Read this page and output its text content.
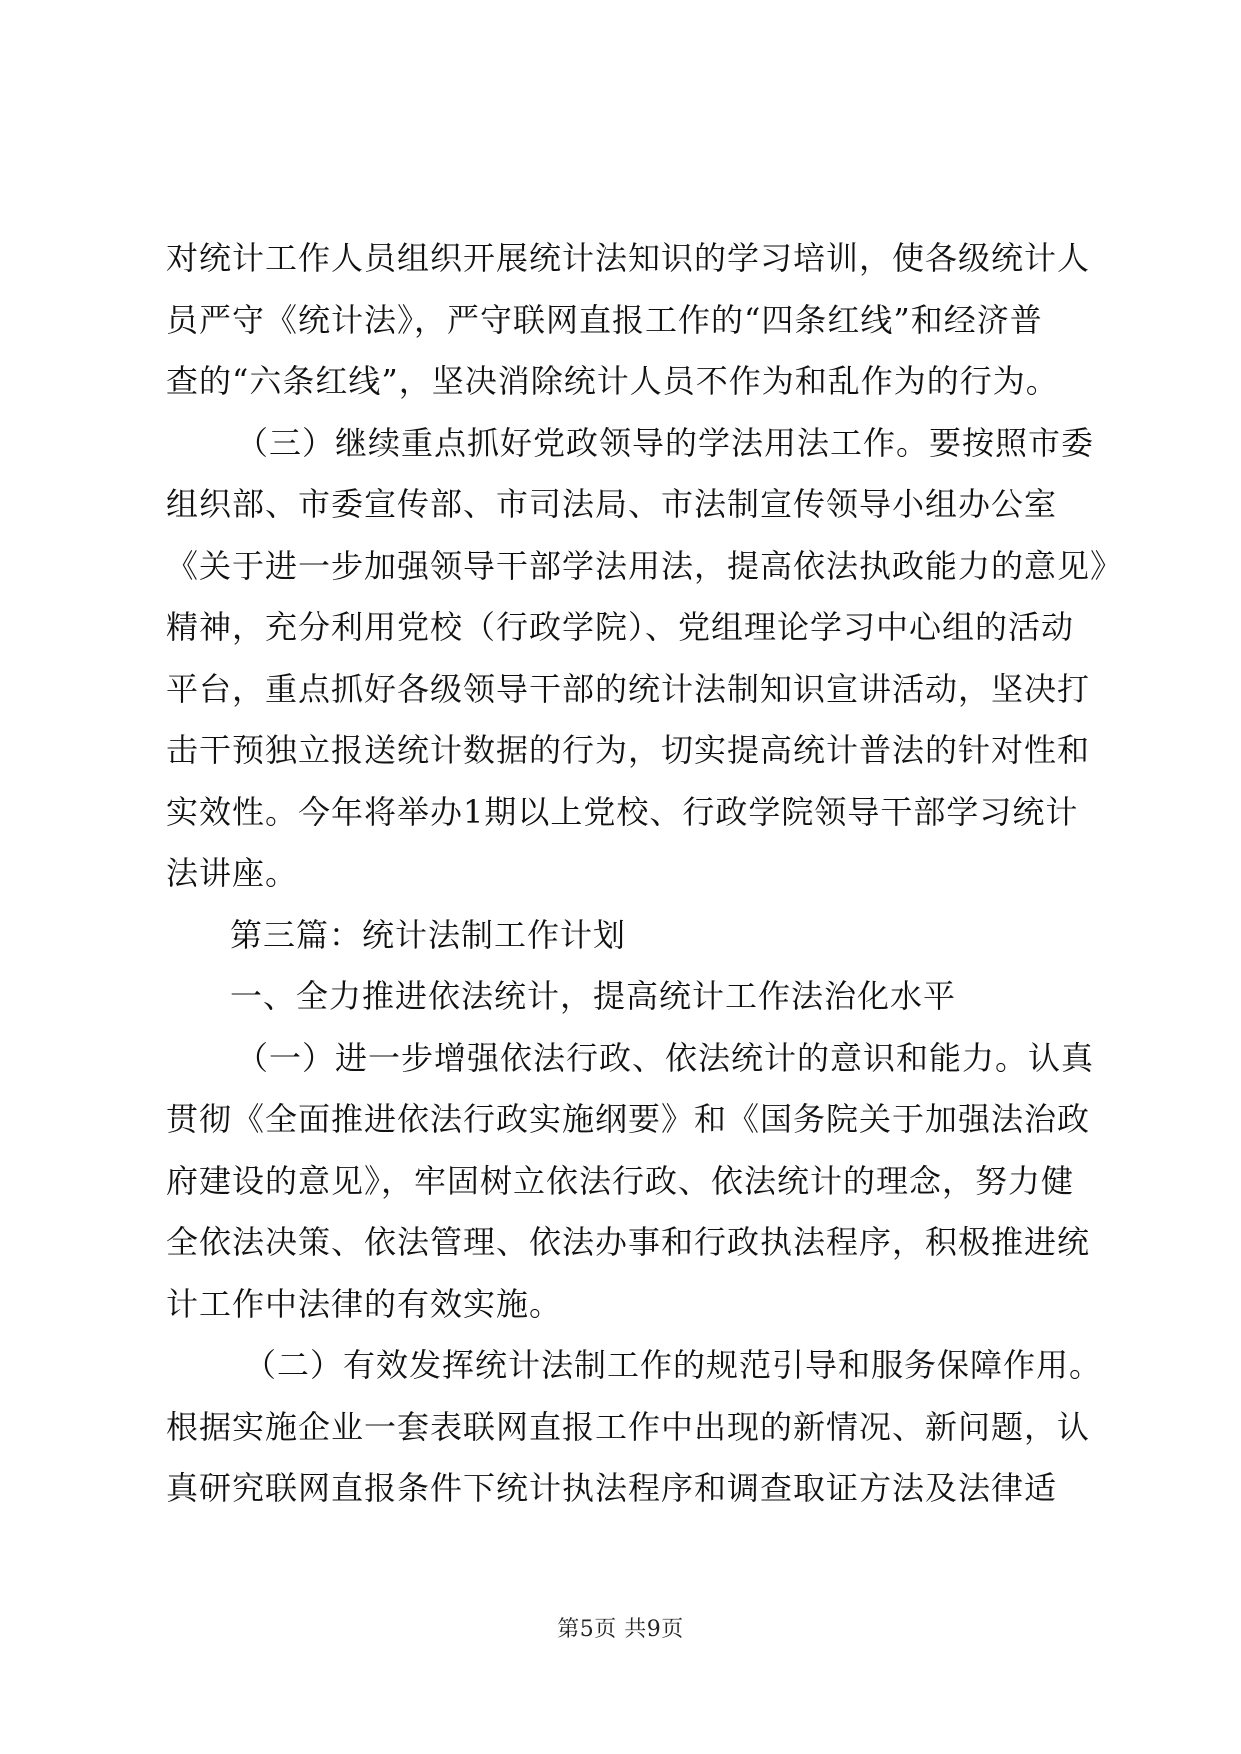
对统计工作人员组织开展统计法知识的学习培训，使各级统计人
员严守《统计法》，严守联网直报工作的“四条红线”和经济普
查的“六条红线”，坚决消除统计人员不作为和乱作为的行为。
（三）继续重点抓好党政领导的学法用法工作。要按照市委
组织部、市委宣传部、市司法局、市法制宣传领导小组办公室
《关于进一步加强领导干部学法用法，提高依法执政能力的意见》
精神，充分利用党校（行政学院）、党组理论学习中心组的活动
平台，重点抓好各级领导干部的统计法制知识宣讲活动，坚决打
击干预独立报送统计数据的行为，切实提高统计普法的针对性和
实效性。今年将举办1期以上党校、行政学院领导干部学习统计
法讲座。
第三篇：统计法制工作计划
一、全力推进依法统计，提高统计工作法治化水平
（一）进一步增强依法行政、依法统计的意识和能力。认真
贯彻《全面推进依法行政实施纲要》和《国务院关于加强法治政
府建设的意见》，牢固树立依法行政、依法统计的理念，努力健
全依法决策、依法管理、依法办事和行政执法程序，积极推进统
计工作中法律的有效实施。
（二）有效发挥统计法制工作的规范引导和服务保障作用。
根据实施企业一套表联网直报工作中出现的新情况、新问题，认
真研究联网直报条件下统计执法程序和调查取证方法及法律适
第5页 共9页
